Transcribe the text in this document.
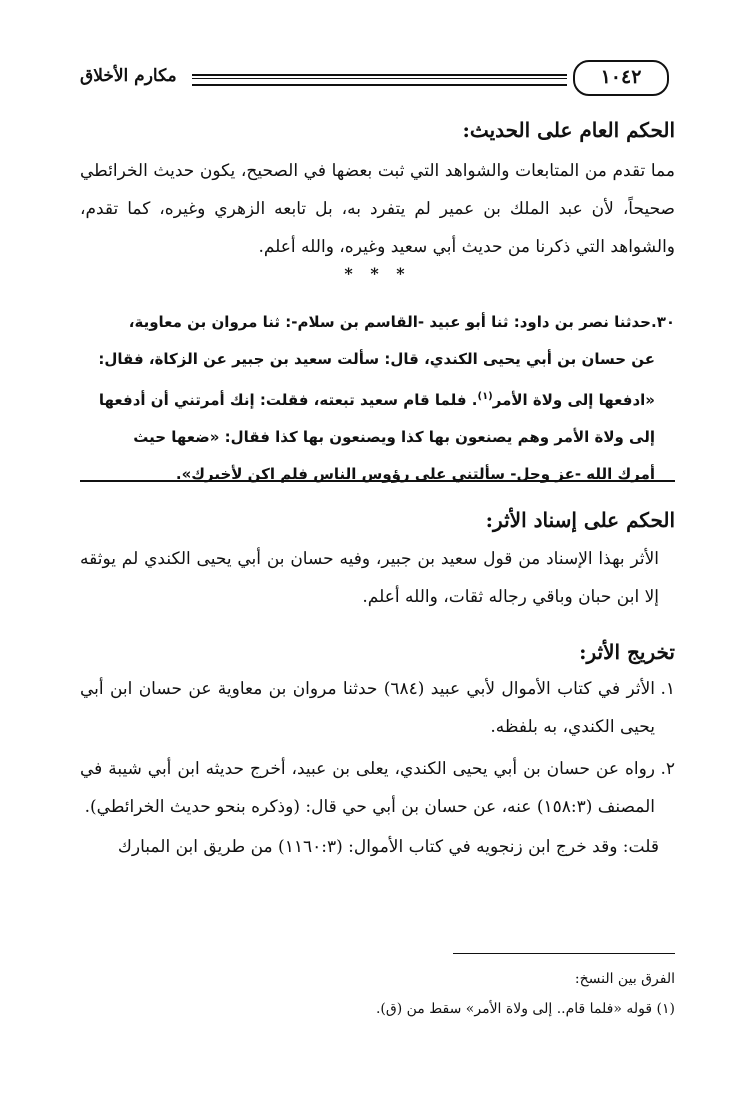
مكارم الأخلاق	١٠٤٢
الحكم العام على الحديث:
مما تقدم من المتابعات والشواهد التي ثبت بعضها في الصحيح، يكون حديث الخرائطي صحيحاً، لأن عبد الملك بن عمير لم يتفرد به، بل تابعه الزهري وغيره، كما تقدم، والشواهد التي ذكرنا من حديث أبي سعيد وغيره، والله أعلم.
* * *
٣٠.حدثنا نصر بن داود: ثنا أبو عبيد -القاسم بن سلام-: ثنا مروان بن معاوية،
عن حسان بن أبي يحيى الكندي، قال: سألت سعيد بن جبير عن الزكاة، فقال:
«ادفعها إلى ولاة الأمر$^{(١)}$. فلما قام سعيد تبعته، فقلت: إنك أمرتني أن أدفعها
إلى ولاة الأمر وهم يصنعون بها كذا ويصنعون بها كذا فقال: «ضعها حيث
أمرك الله -عز وجل- سألتني على رؤوس الناس فلم اكن لأخبرك».
الحكم على إسناد الأثر:
الأثر بهذا الإسناد من قول سعيد بن جبير، وفيه حسان بن أبي يحيى الكندي لم يوثقه إلا ابن حبان وباقي رجاله ثقات، والله أعلم.
تخريج الأثر:
١.
الأثر في كتاب الأموال لأبي عبيد (٦٨٤) حدثنا مروان بن معاوية عن حسان ابن أبي يحيى الكندي، به بلفظه.
٢.
رواه عن حسان بن أبي يحيى الكندي، يعلى بن عبيد، أخرج حديثه ابن أبي شيبة في المصنف (١٥٨:٣) عنه، عن حسان بن أبي حي قال: (وذكره بنحو حديث الخرائطي).
قلت: وقد خرج ابن زنجويه في كتاب الأموال: (١١٦٠:٣) من طريق ابن المبارك
الفرق بين النسخ:
(١) قوله «فلما قام.. إلى ولاة الأمر» سقط من (ق).
